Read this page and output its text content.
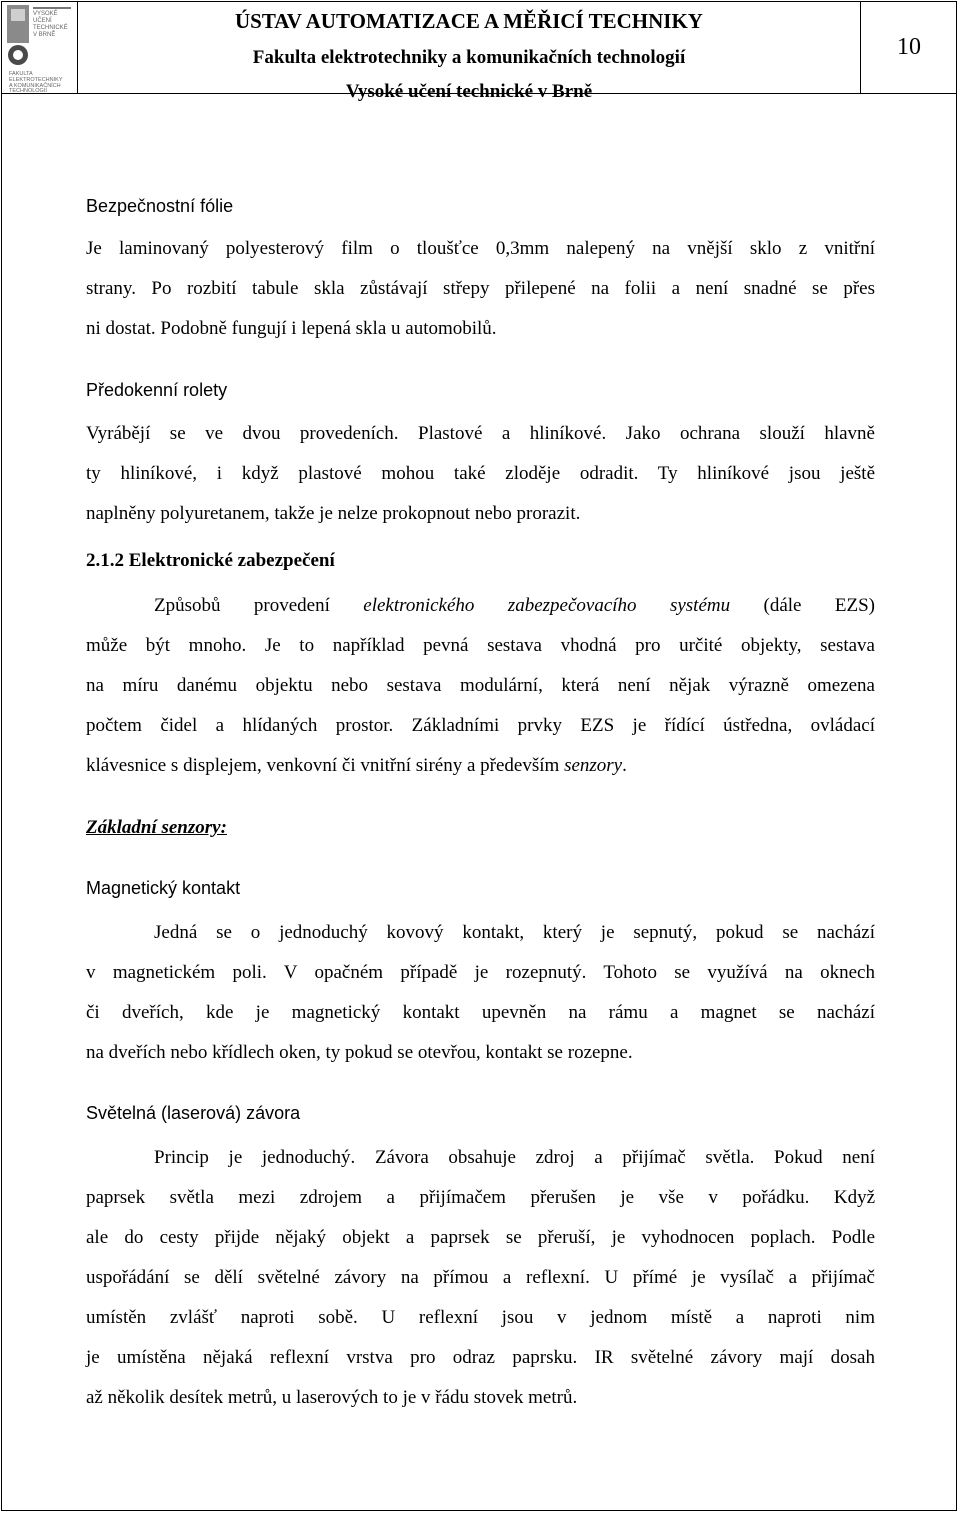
VYSOKÉ
UČENÍ
TECHNICKÉ
V BRNĚ
FAKULTA
ELEKTROTECHNIKY
A KOMUNIKAČNÍCH
TECHNOLOGIÍ
ÚSTAV AUTOMATIZACE A MĚŘICÍ TECHNIKY
Fakulta elektrotechniky a komunikačních technologií
Vysoké učení technické v Brně
10
Bezpečnostní fólie
Je laminovaný polyesterový film o tloušťce 0,3mm nalepený na vnější sklo z vnitřní
strany. Po rozbití tabule skla zůstávají střepy přilepené na folii a není snadné se přes
ni dostat. Podobně fungují i lepená skla u automobilů.
Předokenní rolety
Vyrábějí se ve dvou provedeních. Plastové a hliníkové. Jako ochrana slouží hlavně
ty hliníkové, i když plastové mohou také zloděje odradit. Ty hliníkové jsou ještě
naplněny polyuretanem, takže je nelze prokopnout nebo prorazit.
2.1.2 Elektronické zabezpečení
Způsobů provedení elektronického zabezpečovacího systému (dále EZS)
může být mnoho. Je to například pevná sestava vhodná pro určité objekty, sestava
na míru danému objektu nebo sestava modulární, která není nějak výrazně omezena
počtem čidel a hlídaných prostor. Základními prvky EZS je řídící ústředna, ovládací
klávesnice s displejem, venkovní či vnitřní sirény a především senzory.
Základní senzory:
Magnetický kontakt
Jedná se o jednoduchý kovový kontakt, který je sepnutý, pokud se nachází
v magnetickém poli. V opačném případě je rozepnutý. Tohoto se využívá na oknech
či dveřích, kde je magnetický kontakt upevněn na rámu a magnet se nachází
na dveřích nebo křídlech oken, ty pokud se otevřou, kontakt se rozepne.
Světelná (laserová) závora
Princip je jednoduchý. Závora obsahuje zdroj a přijímač světla. Pokud není
paprsek světla mezi zdrojem a přijímačem přerušen je vše v pořádku. Když
ale do cesty přijde nějaký objekt a paprsek se přeruší, je vyhodnocen poplach. Podle
uspořádání se dělí světelné závory na přímou a reflexní. U přímé je vysílač a přijímač
umístěn zvlášť naproti sobě. U reflexní jsou v jednom místě a naproti nim
je umístěna nějaká reflexní vrstva pro odraz paprsku. IR světelné závory mají dosah
až několik desítek metrů, u laserových to je v řádu stovek metrů.
